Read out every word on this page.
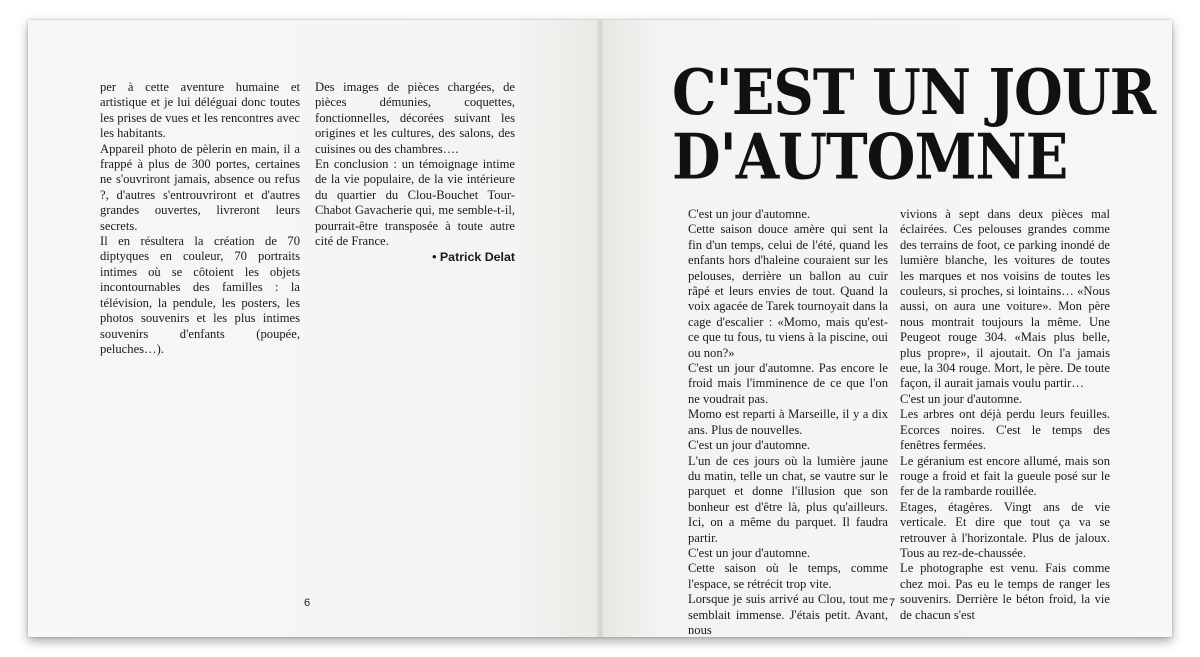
per à cette aventure humaine et artistique et je lui déléguai donc toutes les prises de vues et les rencontres avec les habitants.

Appareil photo de pèlerin en main, il a frappé à plus de 300 portes, certaines ne s'ouvriront jamais, absence ou refus ?, d'autres s'entrouvriront et d'autres grandes ouvertes, livreront leurs secrets.

Il en résultera la création de 70 diptyques en couleur, 70 portraits intimes où se côtoient les objets incontournables des familles : la télévision, la pendule, les posters, les photos souvenirs et les plus intimes souvenirs d'enfants (poupée, peluches…).

Des images de pièces chargées, de pièces démunies, coquettes, fonctionnelles, décorées suivant les origines et les cultures, des salons, des cuisines ou des chambres….

En conclusion : un témoignage intime de la vie populaire, de la vie intérieure du quartier du Clou-Bouchet Tour-Chabot Gavacherie qui, me semble-t-il, pourrait-être transposée à toute autre cité de France.

• Patrick Delat
6
C'EST UN JOUR
D'AUTOMNE

C'est un jour d'automne.

Cette saison douce amère qui sent la fin d'un temps, celui de l'été, quand les enfants hors d'haleine couraient sur les pelouses, derrière un ballon au cuir râpé et leurs envies de tout. Quand la voix agacée de Tarek tournoyait dans la cage d'escalier : «Momo, mais qu'est-ce que tu fous, tu viens à la piscine, oui ou non?»

C'est un jour d'automne. Pas encore le froid mais l'imminence de ce que l'on ne voudrait pas.

Momo est reparti à Marseille, il y a dix ans. Plus de nouvelles.

C'est un jour d'automne.

L'un de ces jours où la lumière jaune du matin, telle un chat, se vautre sur le parquet et donne l'illusion que son bonheur est d'être là, plus qu'ailleurs. Ici, on a même du parquet. Il faudra partir.

C'est un jour d'automne.

Cette saison où le temps, comme l'espace, se rétrécit trop vite.

Lorsque je suis arrivé au Clou, tout me semblait immense. J'étais petit. Avant, nous

vivions à sept dans deux pièces mal éclairées. Ces pelouses grandes comme des terrains de foot, ce parking inondé de lumière blanche, les voitures de toutes les marques et nos voisins de toutes les couleurs, si proches, si lointains… «Nous aussi, on aura une voiture». Mon père nous montrait toujours la même. Une Peugeot rouge 304. «Mais plus belle, plus propre», il ajoutait. On l'a jamais eue, la 304 rouge. Mort, le père. De toute façon, il aurait jamais voulu partir…

C'est un jour d'automne.

Les arbres ont déjà perdu leurs feuilles. Ecorces noires. C'est le temps des fenêtres fermées.

Le géranium est encore allumé, mais son rouge a froid et fait la gueule posé sur le fer de la rambarde rouillée.

Etages, étagères. Vingt ans de vie verticale. Et dire que tout ça va se retrouver à l'horizontale. Plus de jaloux. Tous au rez-de-chaussée.

Le photographe est venu. Fais comme chez moi. Pas eu le temps de ranger les souvenirs. Derrière le béton froid, la vie de chacun s'est

7
